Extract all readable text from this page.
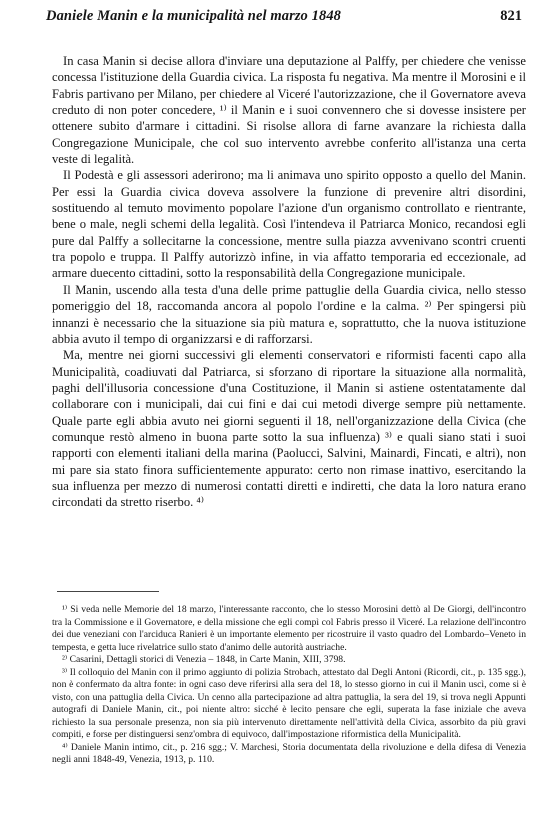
Daniele Manin e la municipalità nel marzo 1848	821

In casa Manin si decise allora d'inviare una deputazione al Palffy, per chiedere che venisse concessa l'istituzione della Guardia civica. La risposta fu negativa. Ma mentre il Morosini e il Fabris partivano per Milano, per chiedere al Viceré l'autorizzazione, che il Governatore aveva creduto di non poter concedere, ¹⁾ il Manin e i suoi convennero che si dovesse insistere per ottenere subito d'armare i cittadini. Si risolse allora di farne avanzare la richiesta dalla Congregazione Municipale, che col suo intervento avrebbe conferito all'istanza una certa veste di legalità.

Il Podestà e gli assessori aderirono; ma li animava uno spirito opposto a quello del Manin. Per essi la Guardia civica doveva assolvere la funzione di prevenire altri disordini, sostituendo al temuto movimento popolare l'azione d'un organismo controllato e rientrante, bene o male, negli schemi della legalità. Così l'intendeva il Patriarca Monico, recandosi egli pure dal Palffy a sollecitarne la concessione, mentre sulla piazza avvenivano scontri cruenti tra popolo e truppa. Il Palffy autorizzò infine, in via affatto temporaria ed eccezionale, ad armare duecento cittadini, sotto la responsabilità della Congregazione municipale.

Il Manin, uscendo alla testa d'una delle prime pattuglie della Guardia civica, nello stesso pomeriggio del 18, raccomanda ancora al popolo l'ordine e la calma. ²⁾ Per spingersi più innanzi è necessario che la situazione sia più matura e, soprattutto, che la nuova istituzione abbia avuto il tempo di organizzarsi e di rafforzarsi.

Ma, mentre nei giorni successivi gli elementi conservatori e riformisti facenti capo alla Municipalità, coadiuvati dal Patriarca, si sforzano di riportare la situazione alla normalità, paghi dell'illusoria concessione d'una Costituzione, il Manin si astiene ostentatamente dal collaborare con i municipali, dai cui fini e dai cui metodi diverge sempre più nettamente. Quale parte egli abbia avuto nei giorni seguenti il 18, nell'organizzazione della Civica (che comunque restò almeno in buona parte sotto la sua influenza) ³⁾ e quali siano stati i suoi rapporti con elementi italiani della marina (Paolucci, Salvini, Mainardi, Fincati, e altri), non mi pare sia stato finora sufficientemente appurato: certo non rimase inattivo, esercitando la sua influenza per mezzo di numerosi contatti diretti e indiretti, che data la loro natura erano circondati da stretto riserbo. ⁴⁾

¹⁾ Si veda nelle Memorie del 18 marzo, l'interessante racconto, che lo stesso Morosini dettò al De Giorgi, dell'incontro tra la Commissione e il Governatore, e della missione che egli compì col Fabris presso il Viceré. La relazione dell'incontro dei due veneziani con l'arciduca Ranieri è un importante elemento per ricostruire il vasto quadro del Lombardo–Veneto in tempesta, e getta luce rivelatrice sullo stato d'animo delle autorità austriache.

²⁾ Casarini, Dettagli storici di Venezia – 1848, in Carte Manin, XIII, 3798.

³⁾ Il colloquio del Manin con il primo aggiunto di polizia Strobach, attestato dal Degli Antoni (Ricordi, cit., p. 135 sgg.), non è confermato da altra fonte: in ogni caso deve riferirsi alla sera del 18, lo stesso giorno in cui il Manin uscì, come si è visto, con una pattuglia della Civica. Un cenno alla partecipazione ad altra pattuglia, la sera del 19, si trova negli Appunti autografi di Daniele Manin, cit., poi niente altro: sicché è lecito pensare che egli, superata la fase iniziale che aveva richiesto la sua personale presenza, non sia più intervenuto direttamente nell'attività della Civica, assorbito da più gravi compiti, e forse per distinguersi senz'ombra di equivoco, dall'impostazione riformistica della Municipalità.

⁴⁾ Daniele Manin intimo, cit., p. 216 sgg.; V. Marchesi, Storia documentata della rivoluzione e della difesa di Venezia negli anni 1848-49, Venezia, 1913, p. 110.
